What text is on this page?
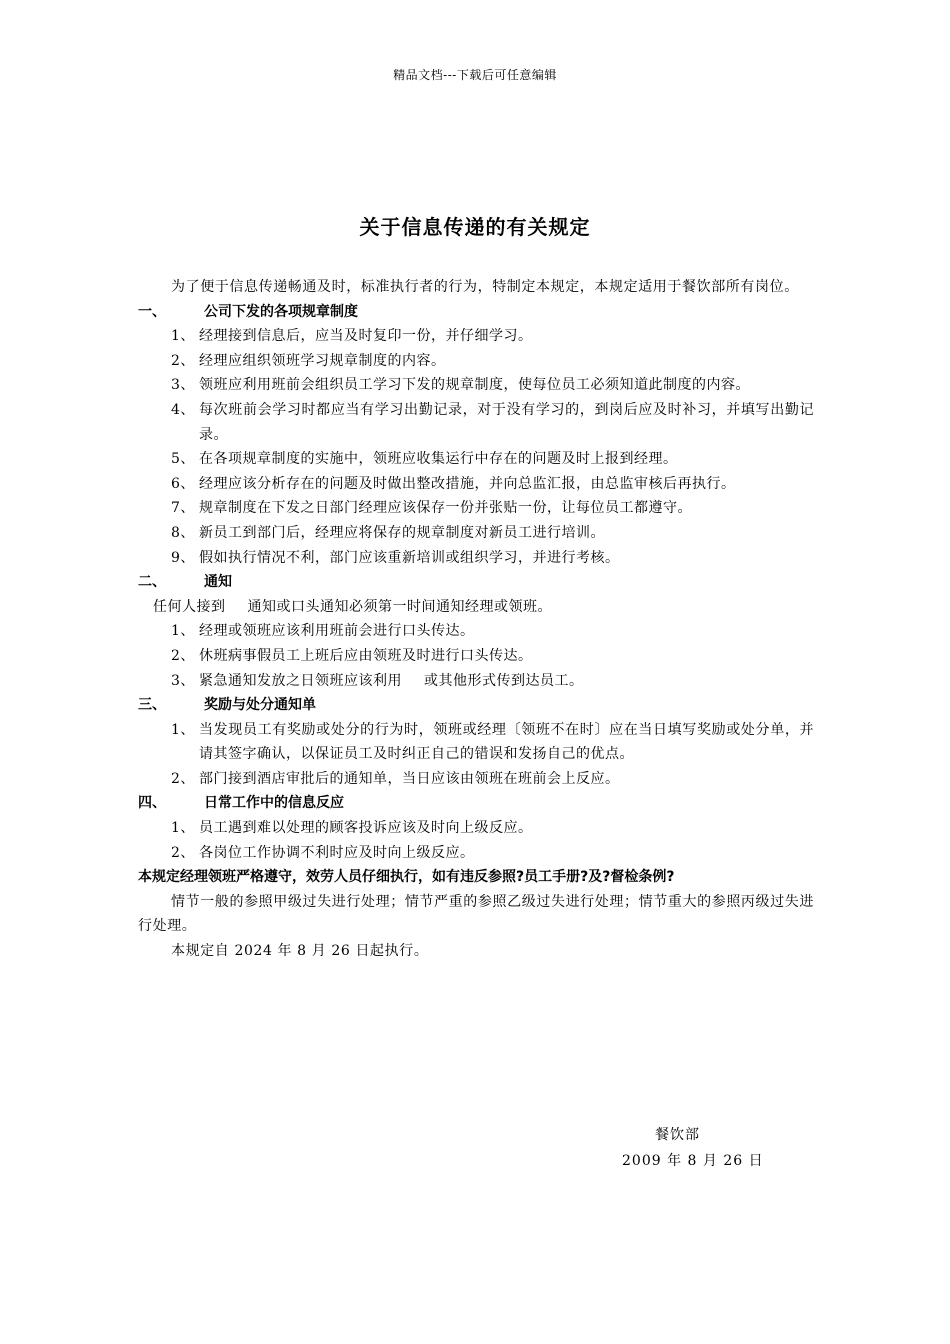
精品文档---下载后可任意编辑
关于信息传递的有关规定

为了便于信息传递畅通及时，标准执行者的行为，特制定本规定，本规定适用于餐饮部所有岗位。

一、	公司下发的各项规章制度
1、 经理接到信息后，应当及时复印一份，并仔细学习。
2、 经理应组织领班学习规章制度的内容。
3、 领班应利用班前会组织员工学习下发的规章制度，使每位员工必须知道此制度的内容。
4、 每次班前会学习时都应当有学习出勤记录，对于没有学习的，到岗后应及时补习，并填写出勤记录。
5、 在各项规章制度的实施中，领班应收集运行中存在的问题及时上报到经理。
6、 经理应该分析存在的问题及时做出整改措施，并向总监汇报，由总监审核后再执行。
7、 规章制度在下发之日部门经理应该保存一份并张贴一份，让每位员工都遵守。
8、 新员工到部门后，经理应将保存的规章制度对新员工进行培训。
9、 假如执行情况不利，部门应该重新培训或组织学习，并进行考核。
二、	通知

任何人接到 通知或口头通知必须第一时间通知经理或领班。

1、 经理或领班应该利用班前会进行口头传达。
2、 休班病事假员工上班后应由领班及时进行口头传达。
3、 紧急通知发放之日领班应该利用 或其他形式传到达员工。
三、	奖励与处分通知单
1、 当发现员工有奖励或处分的行为时，领班或经理〔领班不在时〕应在当日填写奖励或处分单，并请其签字确认，以保证员工及时纠正自己的错误和发扬自己的优点。
2、 部门接到酒店审批后的通知单，当日应该由领班在班前会上反应。
四、	日常工作中的信息反应
1、 员工遇到难以处理的顾客投诉应该及时向上级反应。
2、 各岗位工作协调不利时应及时向上级反应。

本规定经理领班严格遵守，效劳人员仔细执行，如有违反参照?员工手册?及?督检条例?

情节一般的参照甲级过失进行处理；情节严重的参照乙级过失进行处理；情节重大的参照丙级过失进行处理。

本规定自 2024 年 8 月 26 日起执行。

餐饮部
2009 年 8 月 26 日
